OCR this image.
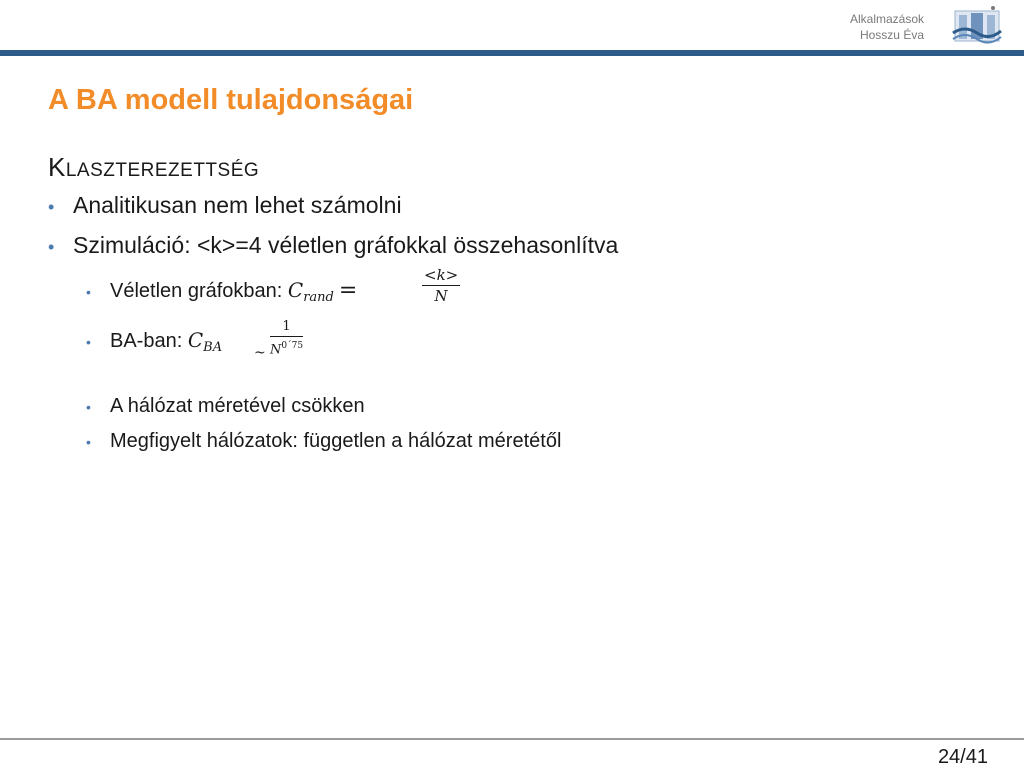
Alkalmazások
Hosszu Éva
A BA modell tulajdonságai
KLASZTEREZETTSÉG
• Analitikusan nem lehet számolni
• Szimuláció: <k>=4 véletlen gráfokkal összehasonlítva
• Véletlen gráfokban: $C_{rand}$ =	$\frac{<k>}{N}$
• BA-ban: $C_{BA}$ ~ $\frac{1}{N^{0΄75}}$
• A hálózat méretével csökken
• Megfigyelt hálózatok: független a hálózat méretétől
24/41
